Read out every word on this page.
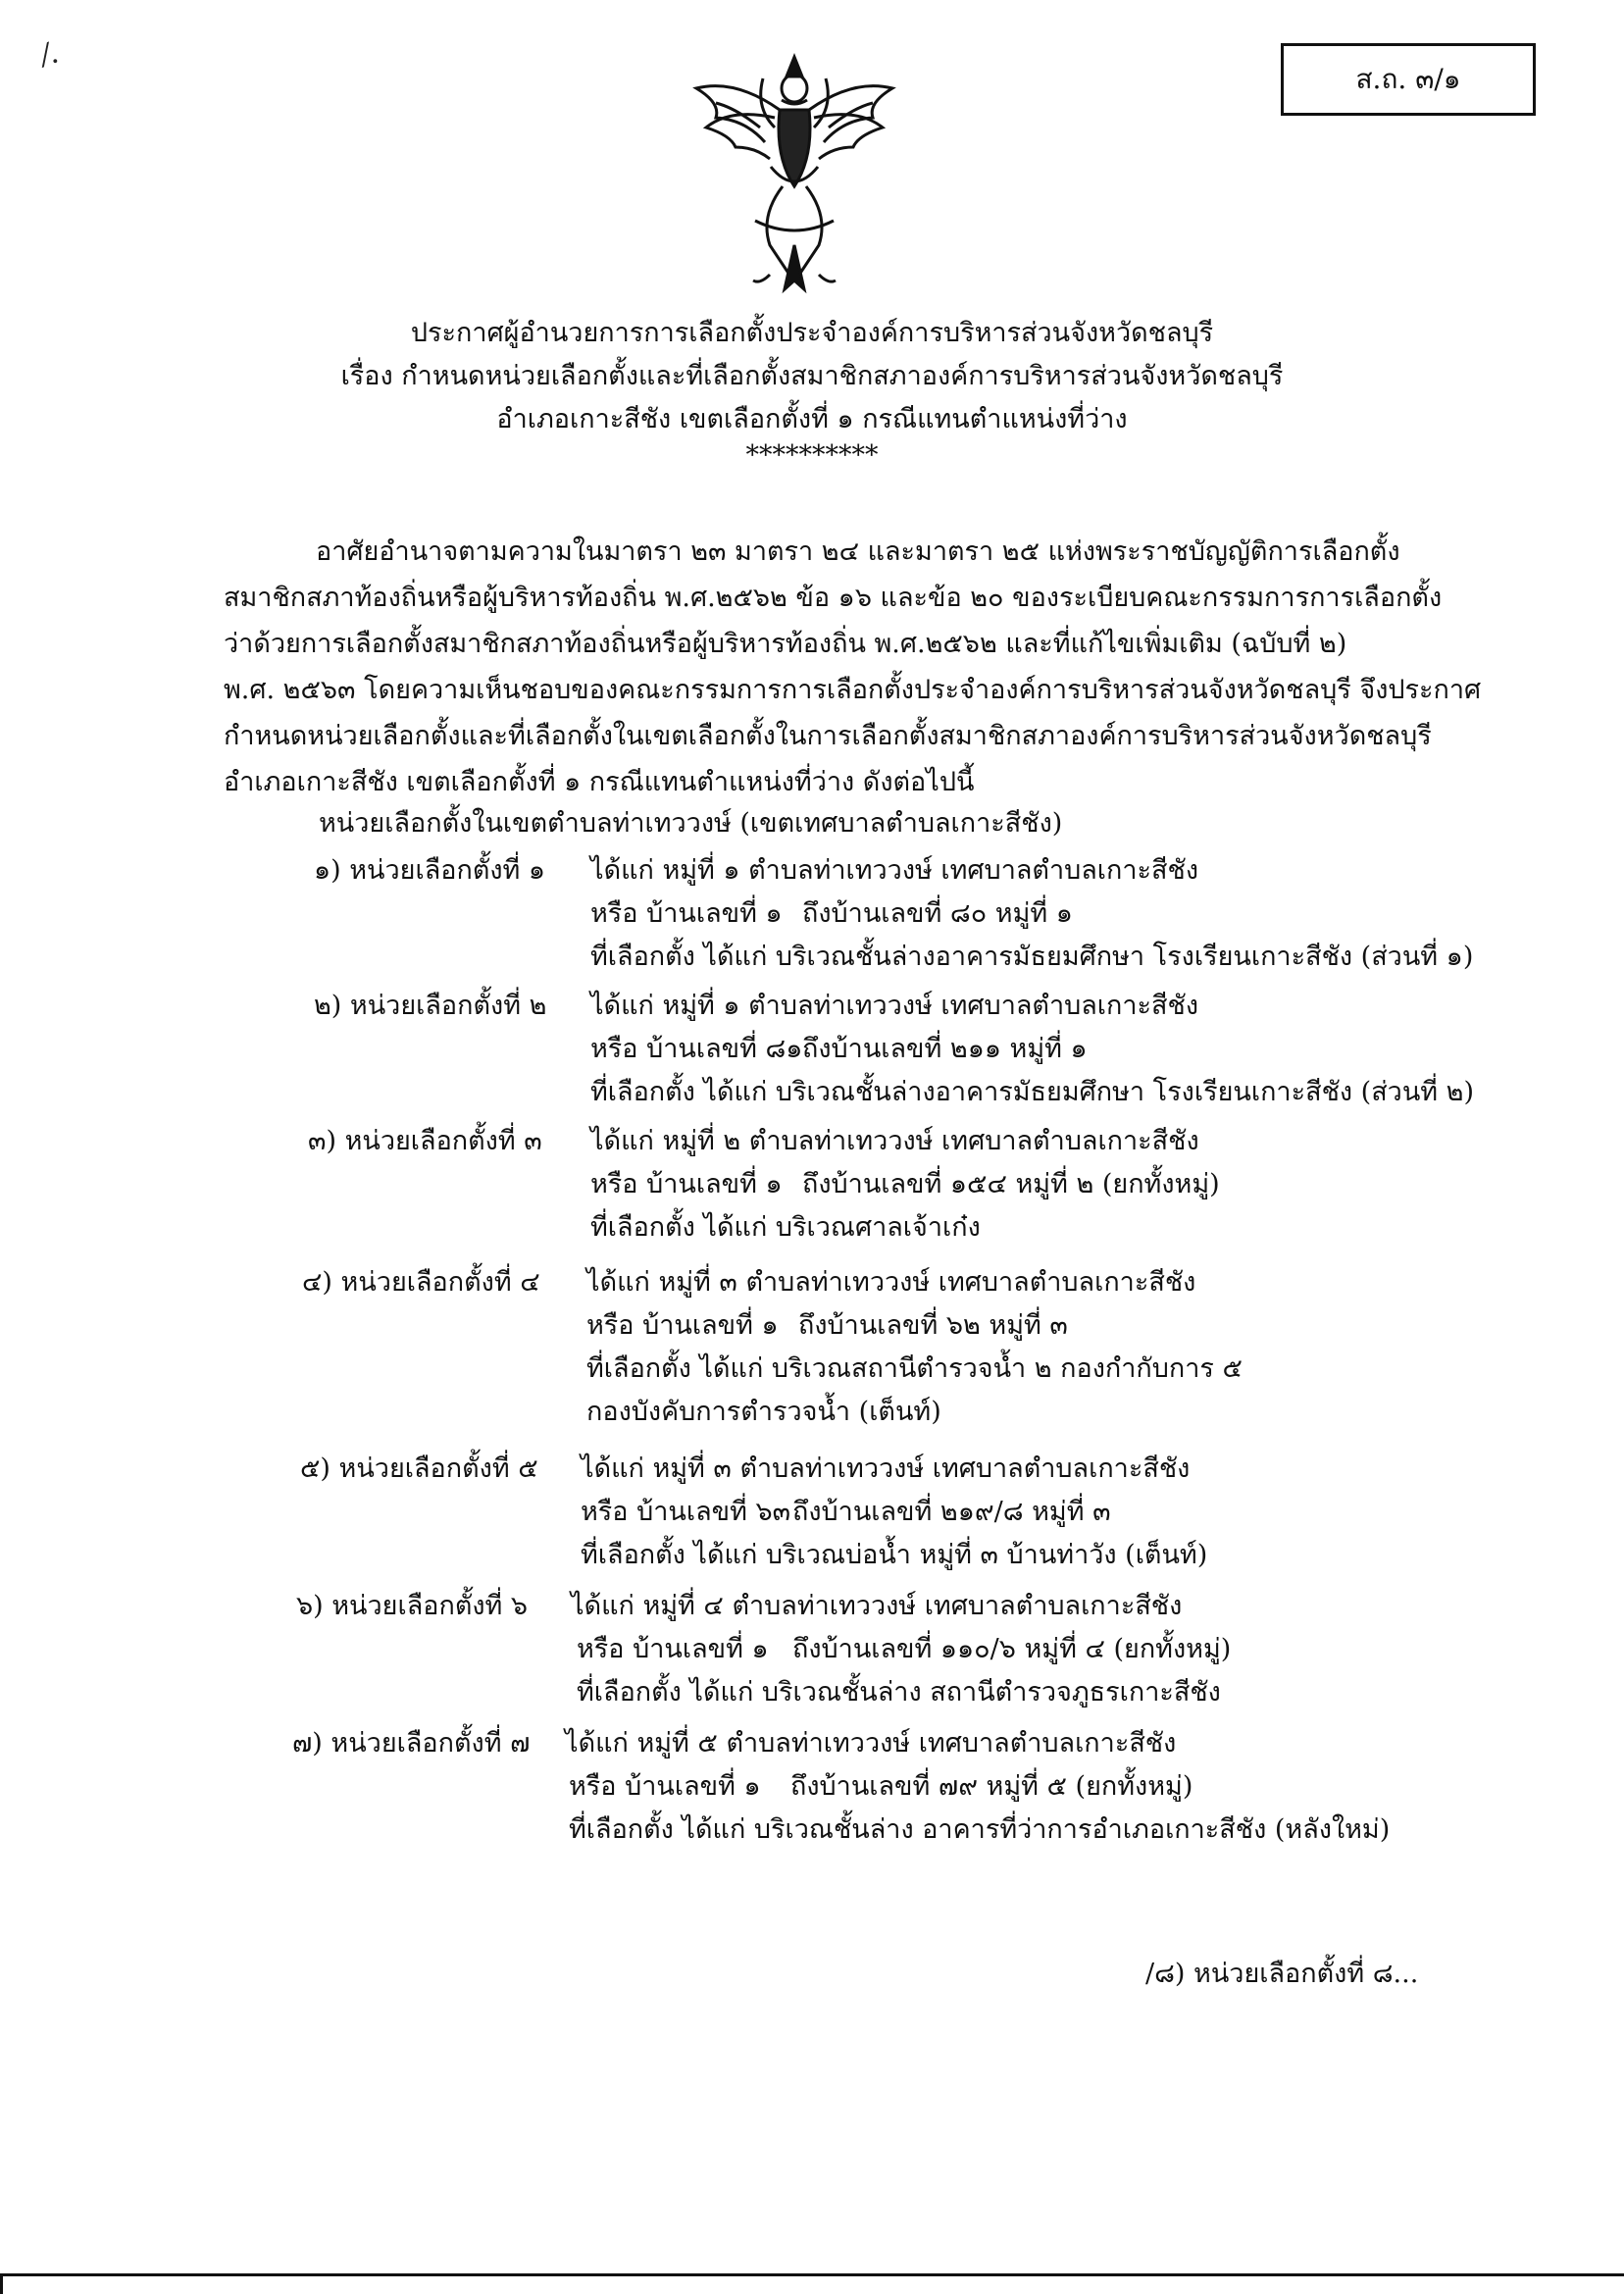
⁄.
ส.ถ. ๓/๑
ประกาศผู้อำนวยการการเลือกตั้งประจำองค์การบริหารส่วนจังหวัดชลบุรี
เรื่อง กำหนดหน่วยเลือกตั้งและที่เลือกตั้งสมาชิกสภาองค์การบริหารส่วนจังหวัดชลบุรี
อำเภอเกาะสีชัง เขตเลือกตั้งที่ ๑ กรณีแทนตำแหน่งที่ว่าง
**********
อาศัยอำนาจตามความในมาตรา ๒๓ มาตรา ๒๔ และมาตรา ๒๕ แห่งพระราชบัญญัติการเลือกตั้ง
สมาชิกสภาท้องถิ่นหรือผู้บริหารท้องถิ่น พ.ศ.๒๕๖๒ ข้อ ๑๖ และข้อ ๒๐ ของระเบียบคณะกรรมการการเลือกตั้ง
ว่าด้วยการเลือกตั้งสมาชิกสภาท้องถิ่นหรือผู้บริหารท้องถิ่น พ.ศ.๒๕๖๒ และที่แก้ไขเพิ่มเติม (ฉบับที่ ๒)
พ.ศ. ๒๕๖๓ โดยความเห็นชอบของคณะกรรมการการเลือกตั้งประจำองค์การบริหารส่วนจังหวัดชลบุรี จึงประกาศ
กำหนดหน่วยเลือกตั้งและที่เลือกตั้งในเขตเลือกตั้งในการเลือกตั้งสมาชิกสภาองค์การบริหารส่วนจังหวัดชลบุรี
อำเภอเกาะสีชัง เขตเลือกตั้งที่ ๑ กรณีแทนตำแหน่งที่ว่าง ดังต่อไปนี้
หน่วยเลือกตั้งในเขตตำบลท่าเทววงษ์ (เขตเทศบาลตำบลเกาะสีชัง)
๑) หน่วยเลือกตั้งที่ ๑ ได้แก่ หมู่ที่ ๑ ตำบลท่าเทววงษ์ เทศบาลตำบลเกาะสีชัง
หรือ บ้านเลขที่ ๑ ถึงบ้านเลขที่ ๘๐ หมู่ที่ ๑
ที่เลือกตั้ง ได้แก่ บริเวณชั้นล่างอาคารมัธยมศึกษา โรงเรียนเกาะสีชัง (ส่วนที่ ๑)
๒) หน่วยเลือกตั้งที่ ๒ ได้แก่ หมู่ที่ ๑ ตำบลท่าเทววงษ์ เทศบาลตำบลเกาะสีชัง
หรือ บ้านเลขที่ ๘๑ ถึงบ้านเลขที่ ๒๑๑ หมู่ที่ ๑
ที่เลือกตั้ง ได้แก่ บริเวณชั้นล่างอาคารมัธยมศึกษา โรงเรียนเกาะสีชัง (ส่วนที่ ๒)
๓) หน่วยเลือกตั้งที่ ๓ ได้แก่ หมู่ที่ ๒ ตำบลท่าเทววงษ์ เทศบาลตำบลเกาะสีชัง
หรือ บ้านเลขที่ ๑ ถึงบ้านเลขที่ ๑๕๔ หมู่ที่ ๒ (ยกทั้งหมู่)
ที่เลือกตั้ง ได้แก่ บริเวณศาลเจ้าเก๋ง
๔) หน่วยเลือกตั้งที่ ๔ ได้แก่ หมู่ที่ ๓ ตำบลท่าเทววงษ์ เทศบาลตำบลเกาะสีชัง
หรือ บ้านเลขที่ ๑ ถึงบ้านเลขที่ ๖๒ หมู่ที่ ๓
ที่เลือกตั้ง ได้แก่ บริเวณสถานีตำรวจน้ำ ๒ กองกำกับการ ๕
กองบังคับการตำรวจน้ำ (เต็นท์)
๕) หน่วยเลือกตั้งที่ ๕ ได้แก่ หมู่ที่ ๓ ตำบลท่าเทววงษ์ เทศบาลตำบลเกาะสีชัง
หรือ บ้านเลขที่ ๖๓ ถึงบ้านเลขที่ ๒๑๙/๘ หมู่ที่ ๓
ที่เลือกตั้ง ได้แก่ บริเวณบ่อน้ำ หมู่ที่ ๓ บ้านท่าวัง (เต็นท์)
๖) หน่วยเลือกตั้งที่ ๖ ได้แก่ หมู่ที่ ๔ ตำบลท่าเทววงษ์ เทศบาลตำบลเกาะสีชัง
หรือ บ้านเลขที่ ๑ ถึงบ้านเลขที่ ๑๑๐/๖ หมู่ที่ ๔ (ยกทั้งหมู่)
ที่เลือกตั้ง ได้แก่ บริเวณชั้นล่าง สถานีตำรวจภูธรเกาะสีชัง
๗) หน่วยเลือกตั้งที่ ๗ ได้แก่ หมู่ที่ ๕ ตำบลท่าเทววงษ์ เทศบาลตำบลเกาะสีชัง
หรือ บ้านเลขที่ ๑ ถึงบ้านเลขที่ ๗๙ หมู่ที่ ๕ (ยกทั้งหมู่)
ที่เลือกตั้ง ได้แก่ บริเวณชั้นล่าง อาคารที่ว่าการอำเภอเกาะสีชัง (หลังใหม่)
/๘) หน่วยเลือกตั้งที่ ๘...
